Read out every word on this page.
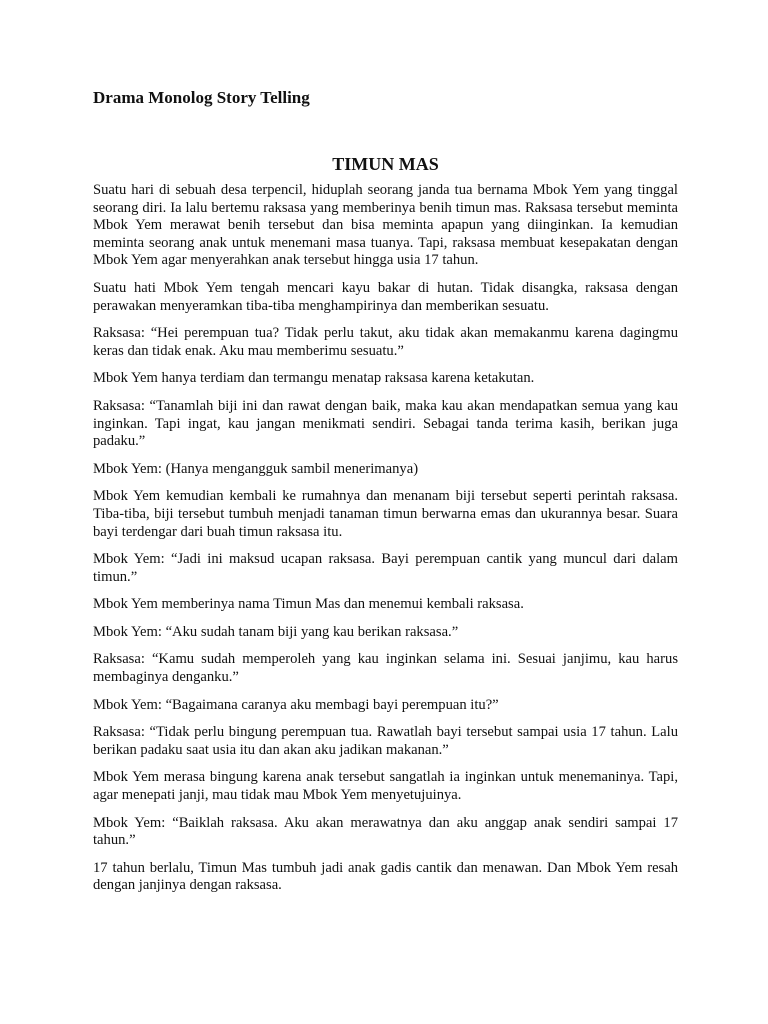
Drama Monolog Story Telling
TIMUN MAS

Suatu hari di sebuah desa terpencil, hiduplah seorang janda tua bernama Mbok Yem yang tinggal seorang diri. Ia lalu bertemu raksasa yang memberinya benih timun mas. Raksasa tersebut meminta Mbok Yem merawat benih tersebut dan bisa meminta apapun yang diinginkan. Ia kemudian meminta seorang anak untuk menemani masa tuanya. Tapi, raksasa membuat kesepakatan dengan Mbok Yem agar menyerahkan anak tersebut hingga usia 17 tahun.

Suatu hati Mbok Yem tengah mencari kayu bakar di hutan. Tidak disangka, raksasa dengan perawakan menyeramkan tiba-tiba menghampirinya dan memberikan sesuatu.

Raksasa: “Hei perempuan tua? Tidak perlu takut, aku tidak akan memakanmu karena dagingmu keras dan tidak enak. Aku mau memberimu sesuatu.”

Mbok Yem hanya terdiam dan termangu menatap raksasa karena ketakutan.

Raksasa: “Tanamlah biji ini dan rawat dengan baik, maka kau akan mendapatkan semua yang kau inginkan. Tapi ingat, kau jangan menikmati sendiri. Sebagai tanda terima kasih, berikan juga padaku.”

Mbok Yem: (Hanya mengangguk sambil menerimanya)

Mbok Yem kemudian kembali ke rumahnya dan menanam biji tersebut seperti perintah raksasa. Tiba-tiba, biji tersebut tumbuh menjadi tanaman timun berwarna emas dan ukurannya besar. Suara bayi terdengar dari buah timun raksasa itu.

Mbok Yem: “Jadi ini maksud ucapan raksasa. Bayi perempuan cantik yang muncul dari dalam timun.”

Mbok Yem memberinya nama Timun Mas dan menemui kembali raksasa.

Mbok Yem: “Aku sudah tanam biji yang kau berikan raksasa.”

Raksasa: “Kamu sudah memperoleh yang kau inginkan selama ini. Sesuai janjimu, kau harus membaginya denganku.”

Mbok Yem: “Bagaimana caranya aku membagi bayi perempuan itu?”

Raksasa: “Tidak perlu bingung perempuan tua. Rawatlah bayi tersebut sampai usia 17 tahun. Lalu berikan padaku saat usia itu dan akan aku jadikan makanan.”

Mbok Yem merasa bingung karena anak tersebut sangatlah ia inginkan untuk menemaninya. Tapi, agar menepati janji, mau tidak mau Mbok Yem menyetujuinya.

Mbok Yem: “Baiklah raksasa. Aku akan merawatnya dan aku anggap anak sendiri sampai 17 tahun.”

17 tahun berlalu, Timun Mas tumbuh jadi anak gadis cantik dan menawan. Dan Mbok Yem resah dengan janjinya dengan raksasa.
